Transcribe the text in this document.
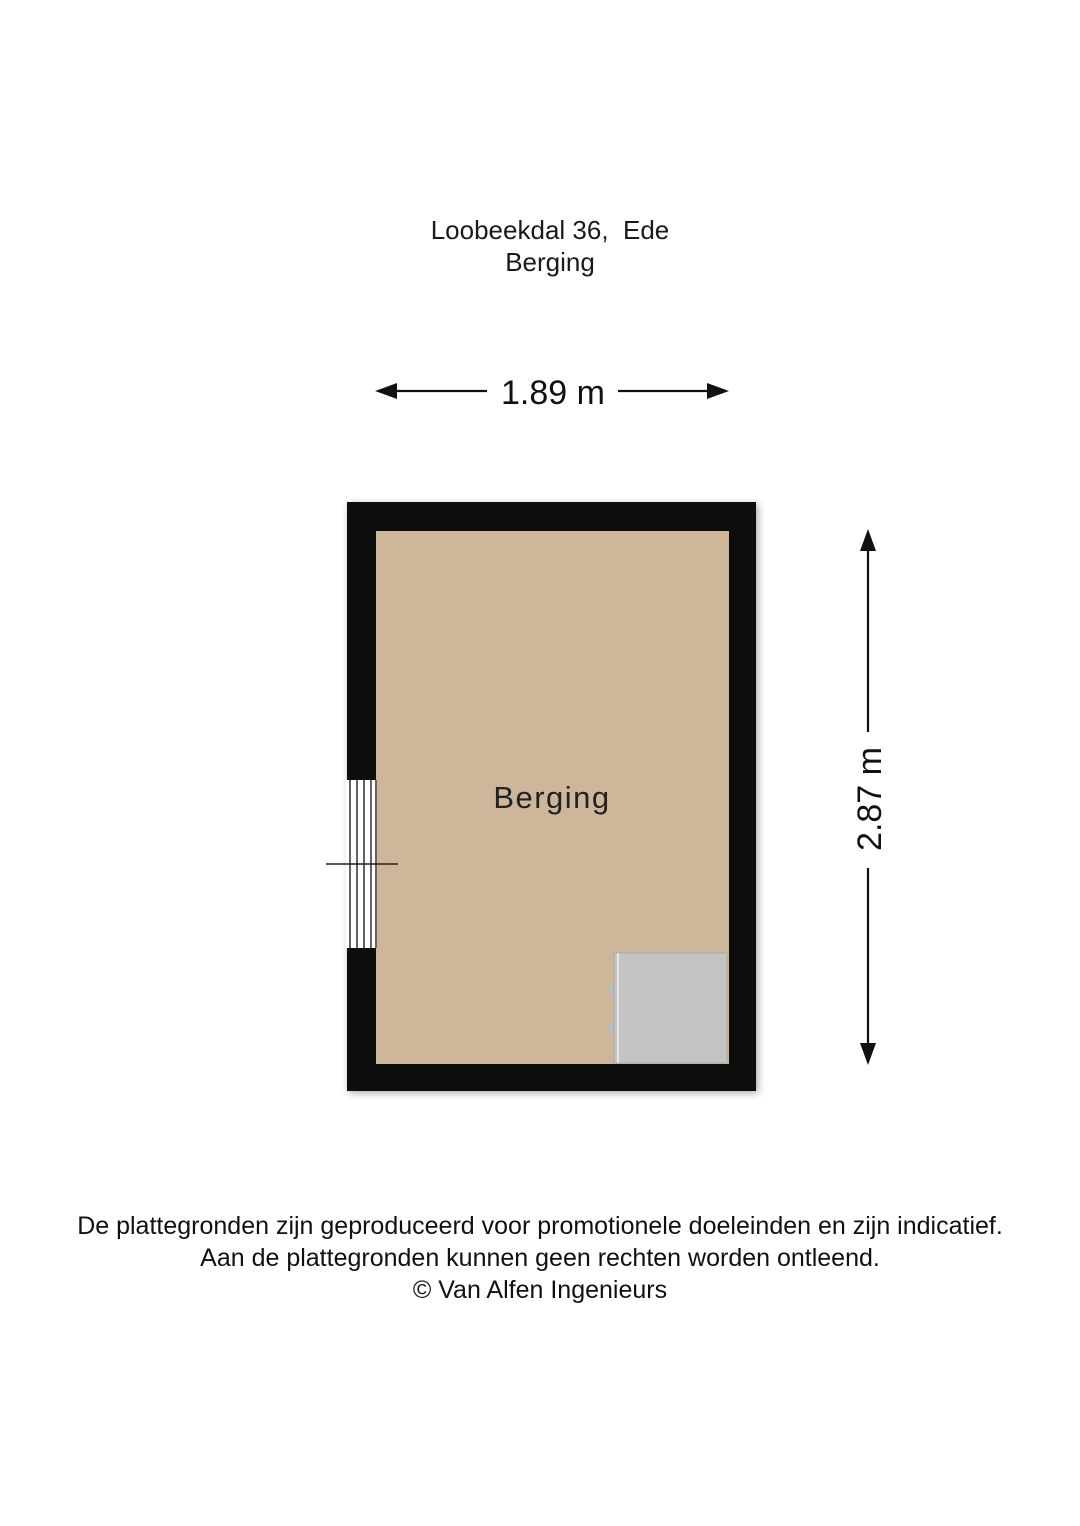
Loobeekdal 36,  Ede
Berging
1.89 m
2.87 m
Berging
De plattegronden zijn geproduceerd voor promotionele doeleinden en zijn indicatief.
Aan de plattegronden kunnen geen rechten worden ontleend.
© Van Alfen Ingenieurs
